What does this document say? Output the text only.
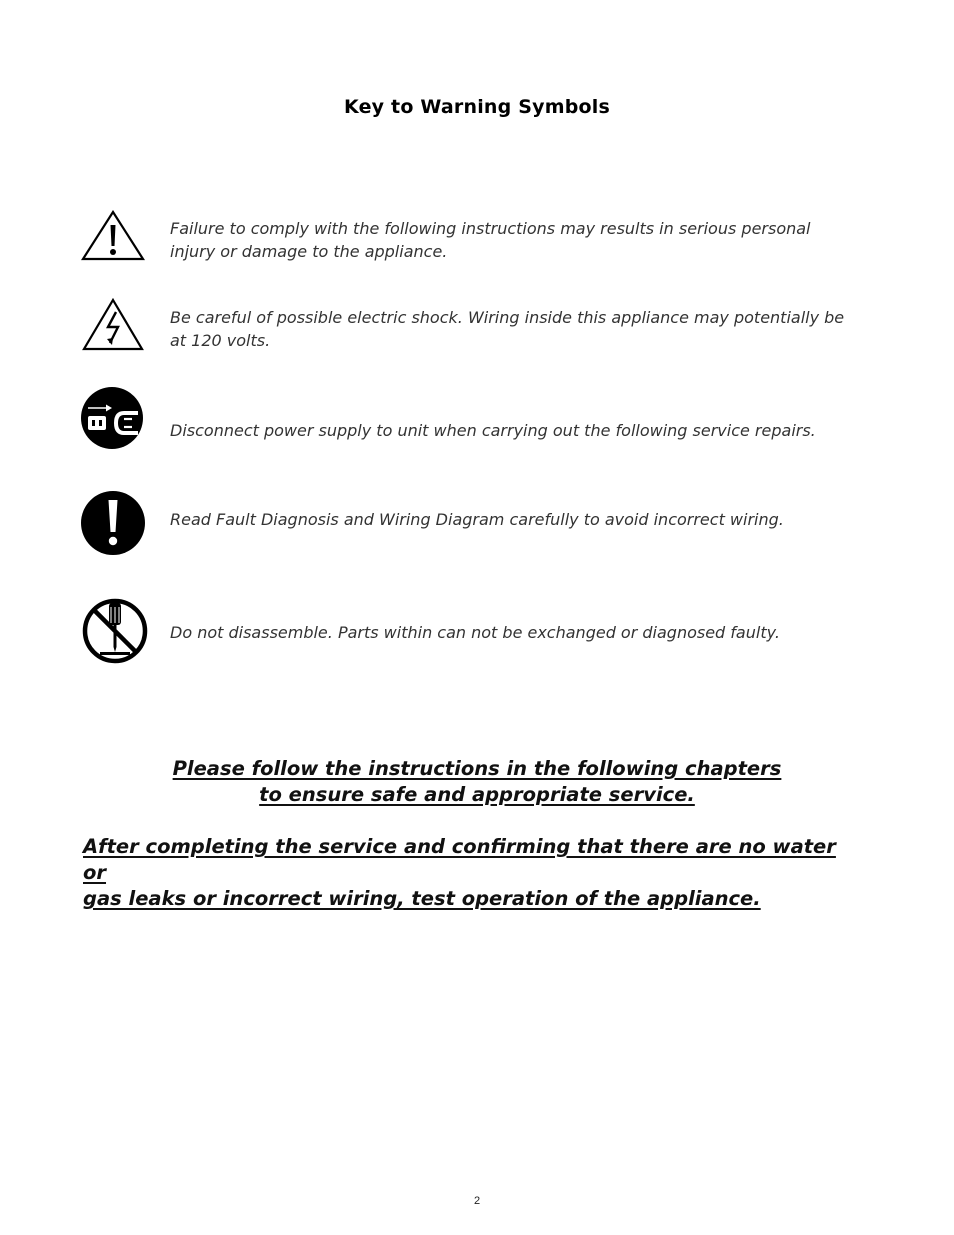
Key to Warning Symbols
Failure to comply with the following instructions may results in serious personal injury or damage to the appliance.
Be careful of possible electric shock. Wiring inside this appliance may potentially be at 120 volts.
Disconnect power supply to unit when carrying out the following service repairs.
Read Fault Diagnosis and Wiring Diagram carefully to avoid incorrect wiring.
Do not disassemble. Parts within can not be exchanged or diagnosed faulty.
Please follow the instructions in the following chapters
to ensure safe and appropriate service.
After completing the service and confirming that there are no water or
gas leaks or incorrect wiring, test operation of the appliance.
2
